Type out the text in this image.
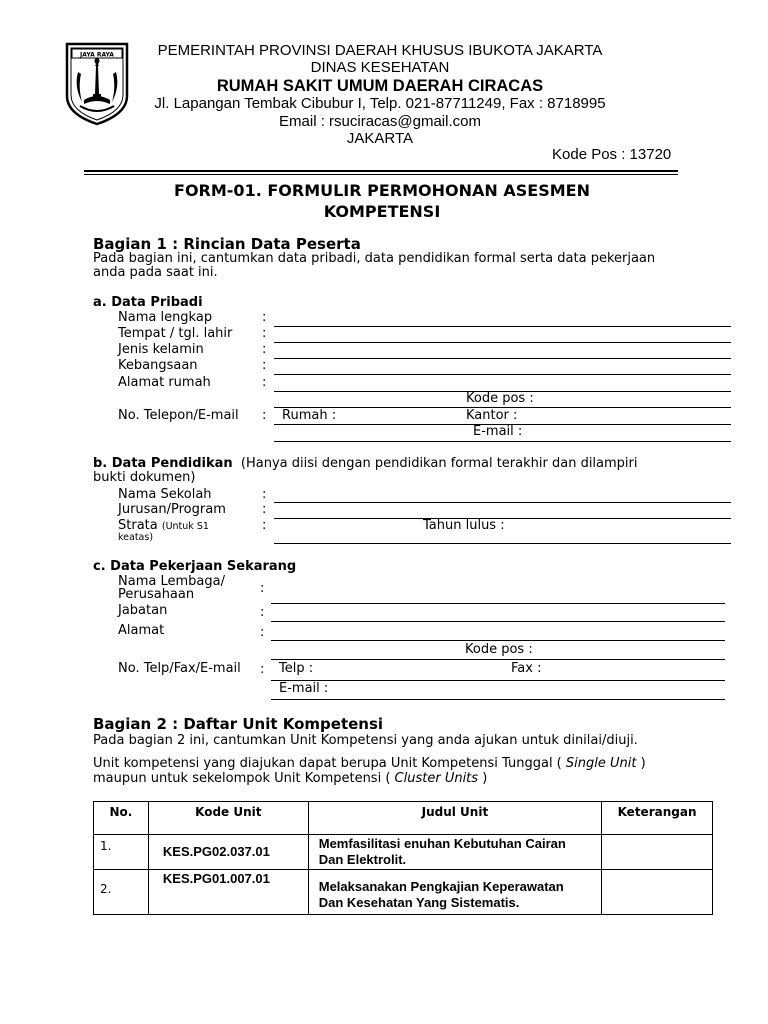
JAYA RAYA	PEMERINTAH PROVINSI DAERAH KHUSUS IBUKOTA JAKARTA
DINAS KESEHATAN
RUMAH SAKIT UMUM DAERAH CIRACAS
Jl. Lapangan Tembak Cibubur I, Telp. 021-87711249, Fax : 8718995
Email : rsuciracas@gmail.com
JAKARTA
Kode Pos : 13720
FORM-01. FORMULIR PERMOHONAN ASESMEN
KOMPETENSI
Bagian 1 : Rincian Data Peserta
Pada bagian ini, cantumkan data pribadi, data pendidikan formal serta data pekerjaan
anda pada saat ini.
a. Data Pribadi
Nama lengkap	:
Tempat / tgl. lahir :
Jenis kelamin	:
Kebangsaan	:
Alamat rumah	:
Kode pos :
No. Telepon/E-mail : Rumah :	Kantor :
E-mail :
b. Data Pendidikan (Hanya diisi dengan pendidikan formal terakhir dan dilampiri
bukti dokumen)
Nama Sekolah	:
Jurusan/Program	:
Strata (Untuk S1
keatas)
:	Tahun lulus :
c. Data Pekerjaan Sekarang
Nama Lembaga/
Perusahaan	:
Jabatan	:
Alamat	:
Kode pos :
No. Telp/Fax/E-mail : Telp :	Fax :
E-mail :
Bagian 2 : Daftar Unit Kompetensi
Pada bagian 2 ini, cantumkan Unit Kompetensi yang anda ajukan untuk dinilai/diuji.
Unit kompetensi yang diajukan dapat berupa Unit Kompetensi Tunggal ( Single Unit )
maupun untuk sekelompok Unit Kompetensi ( Cluster Units )
No.	Kode Unit	Judul Unit	Keterangan
1.	KES.PG02.037.01	Memfasilitasi enuhan Kebutuhan Cairan
Dan Elektrolit.	

2.	KES.PG01.007.01	Melaksanakan Pengkajian Keperawatan
Dan Kesehatan Yang Sistematis.	
